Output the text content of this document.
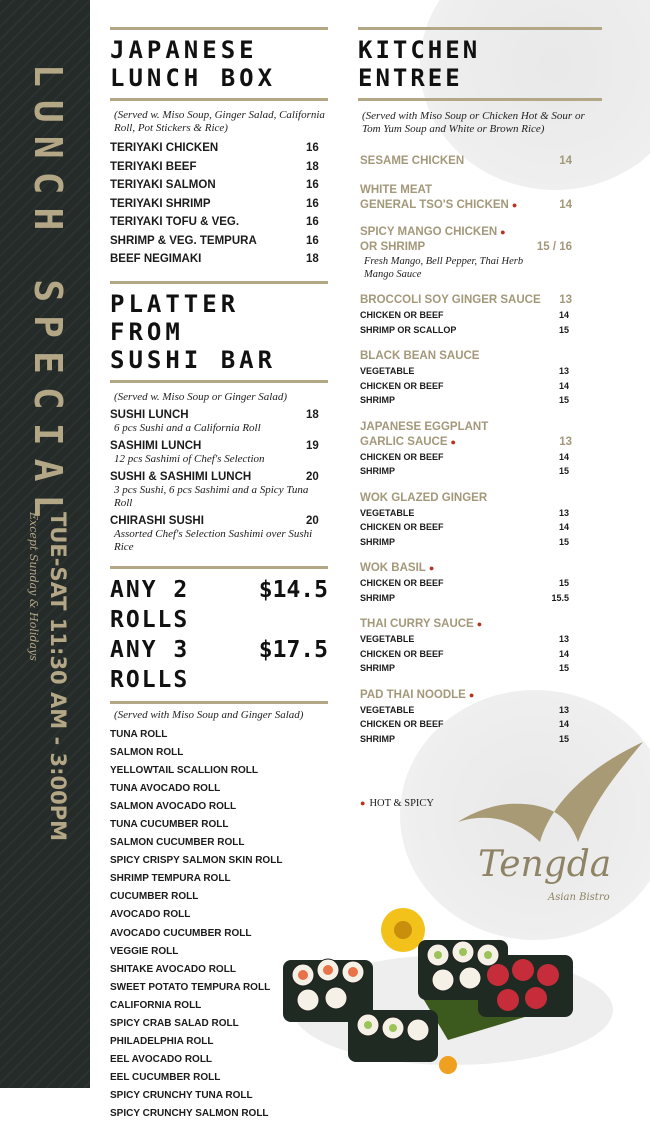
LUNCH SPECIAL
TUE-SAT 11:30 AM - 3:00PM
Except Sunday & Holidays
JAPANESE
LUNCH BOX
(Served w. Miso Soup, Ginger Salad, California Roll, Pot Stickers & Rice)
TERIYAKI CHICKEN	16
TERIYAKI BEEF	18
TERIYAKI SALMON	16
TERIYAKI SHRIMP	16
TERIYAKI TOFU & VEG.	16
SHRIMP & VEG. TEMPURA	16
BEEF NEGIMAKI	18
PLATTER FROM
SUSHI BAR
(Served w. Miso Soup or Ginger Salad)
SUSHI LUNCH	18
6 pcs Sushi and a California Roll
SASHIMI LUNCH	19
12 pcs Sashimi of Chef's Selection
SUSHI & SASHIMI LUNCH	20
3 pcs Sushi, 6 pcs Sashimi and a Spicy Tuna Roll
CHIRASHI SUSHI	20
Assorted Chef's Selection Sashimi over Sushi Rice
ANY 2 ROLLS
$14.5
ANY 3 ROLLS
$17.5
(Served with Miso Soup and Ginger Salad)
TUNA ROLL
SALMON ROLL
YELLOWTAIL SCALLION ROLL
TUNA AVOCADO ROLL
SALMON AVOCADO ROLL
TUNA CUCUMBER ROLL
SALMON CUCUMBER ROLL
SPICY CRISPY SALMON SKIN ROLL
SHRIMP TEMPURA ROLL
CUCUMBER ROLL
AVOCADO ROLL
AVOCADO CUCUMBER ROLL
VEGGIE ROLL
SHITAKE AVOCADO ROLL
SWEET POTATO TEMPURA ROLL
CALIFORNIA ROLL
SPICY CRAB SALAD ROLL
PHILADELPHIA ROLL
EEL AVOCADO ROLL
EEL CUCUMBER ROLL
SPICY CRUNCHY TUNA ROLL
SPICY CRUNCHY SALMON ROLL
KITCHEN ENTREE
(Served with Miso Soup or Chicken Hot & Sour or Tom Yum Soup and White or Brown Rice)
SESAME CHICKEN	14
WHITE MEAT
GENERAL TSO'S CHICKEN ●	14
SPICY MANGO CHICKEN ●
OR SHRIMP	15 / 16
Fresh Mango, Bell Pepper, Thai Herb Mango Sauce
BROCCOLI SOY GINGER SAUCE 13
CHICKEN OR BEEF	14
SHRIMP OR SCALLOP	15
BLACK BEAN SAUCE
VEGETABLE	13
CHICKEN OR BEEF	14
SHRIMP	15
JAPANESE EGGPLANT
GARLIC SAUCE ●	13
CHICKEN OR BEEF	14
SHRIMP	15
WOK GLAZED GINGER
VEGETABLE	13
CHICKEN OR BEEF	14
SHRIMP	15
WOK BASIL ●
CHICKEN OR BEEF	15
SHRIMP	15.5
THAI CURRY SAUCE ●
VEGETABLE	13
CHICKEN OR BEEF	14
SHRIMP	15
PAD THAI NOODLE ●
VEGETABLE	13
CHICKEN OR BEEF	14
SHRIMP	15
● HOT & SPICY
Tengda
Asian Bistro
